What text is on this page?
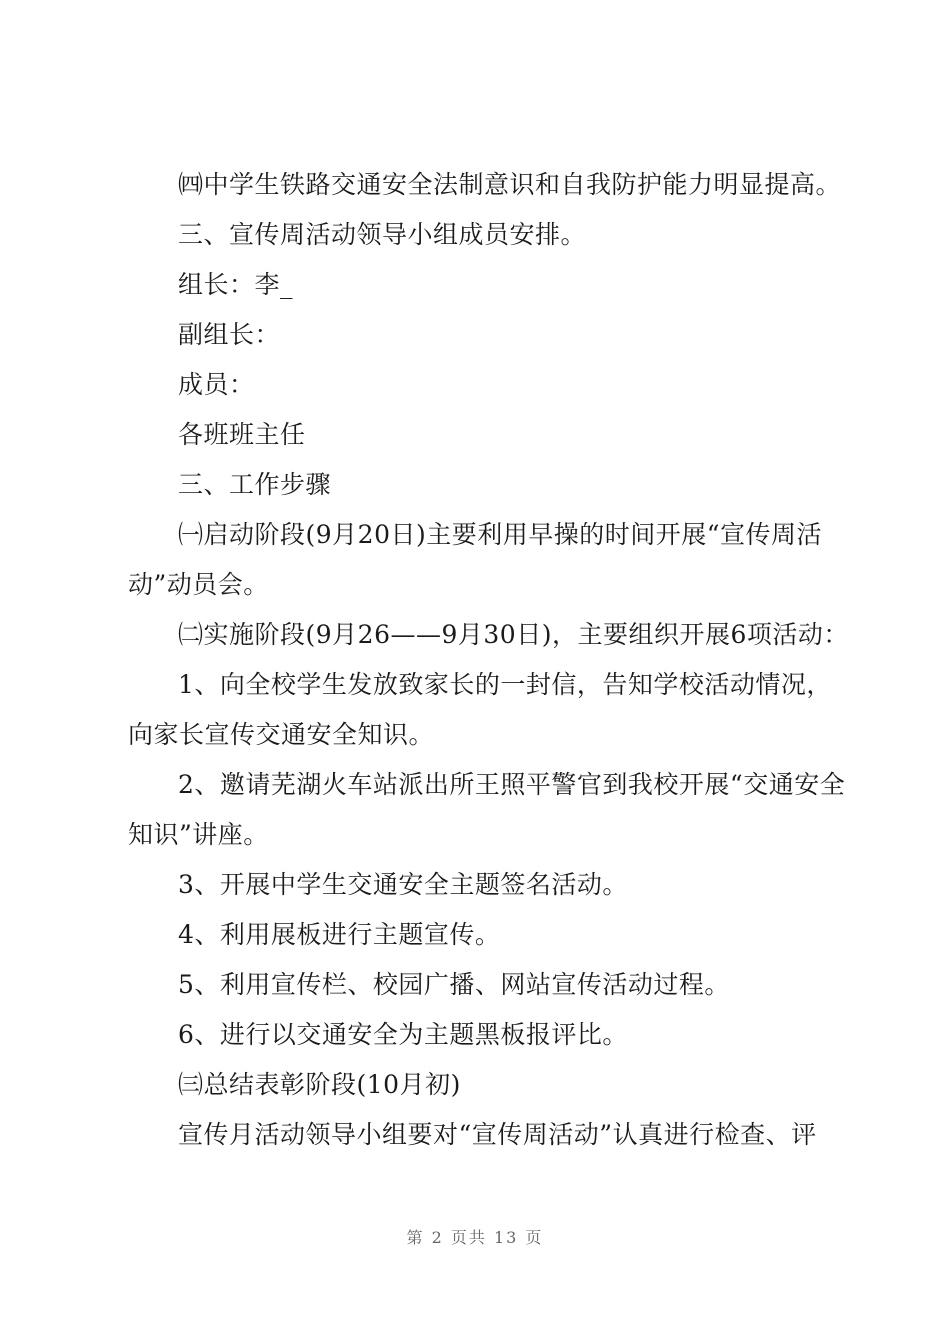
㈣中学生铁路交通安全法制意识和自我防护能力明显提高。

三、宣传周活动领导小组成员安排。

组长：李_

副组长：

成员：

各班班主任

三、工作步骤

㈠启动阶段(9月20日)主要利用早操的时间开展“宣传周活动”动员会。

㈡实施阶段(9月26——9月30日)，主要组织开展6项活动：

1、向全校学生发放致家长的一封信，告知学校活动情况，向家长宣传交通安全知识。

2、邀请芜湖火车站派出所王照平警官到我校开展“交通安全知识”讲座。

3、开展中学生交通安全主题签名活动。

4、利用展板进行主题宣传。

5、利用宣传栏、校园广播、网站宣传活动过程。

6、进行以交通安全为主题黑板报评比。

㈢总结表彰阶段(10月初)

宣传月活动领导小组要对“宣传周活动”认真进行检查、评

第 2 页共 13 页
